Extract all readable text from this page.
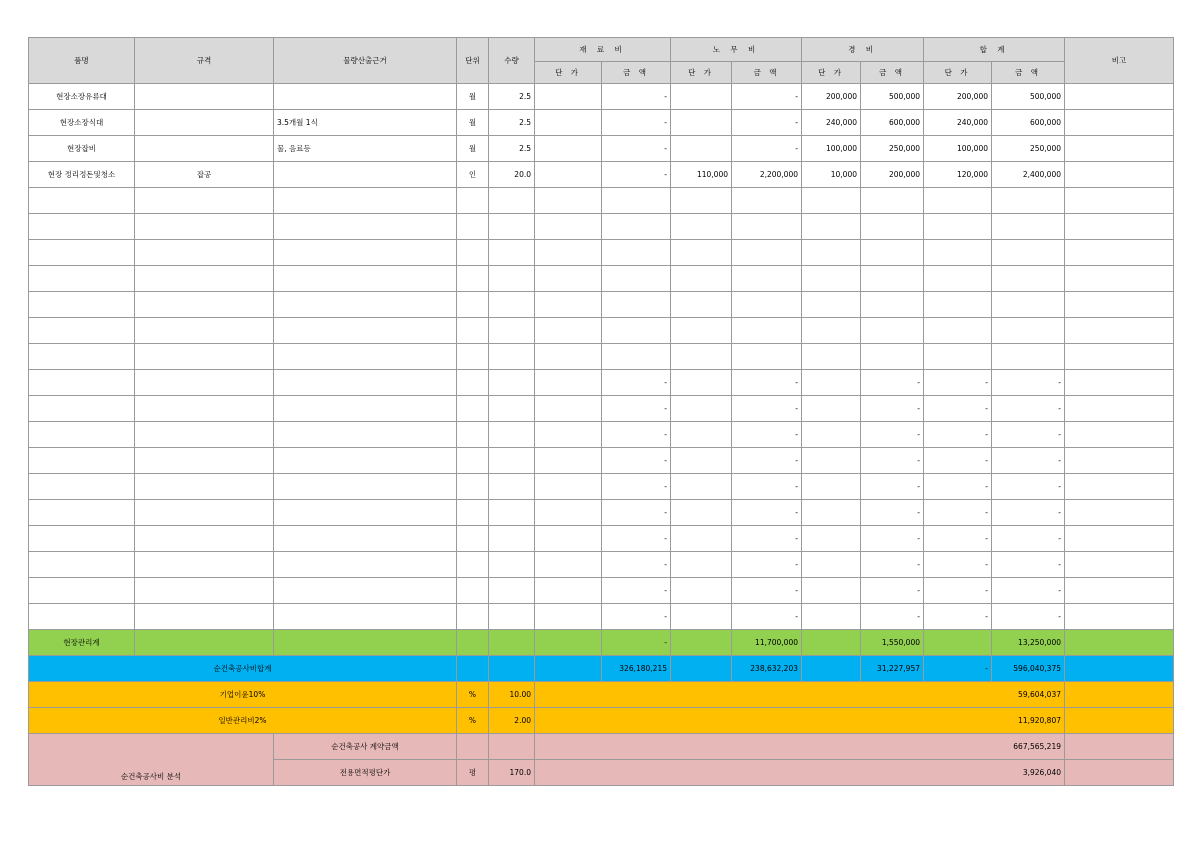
품명	규격	물량산출근거	단위	수량	재 료 비		노 무 비		경 비		합 계		비고
					단 가	금 액	단 가	금 액	단 가	금 액	단 가	금 액	
현장소장유류대			월	2.5		-		-	200,000	500,000	200,000	500,000	
현장소장식대		3.5개월 1식	월	2.5		-		-	240,000	600,000	240,000	600,000	
현장잡비		물, 음료등	월	2.5		-		-	100,000	250,000	100,000	250,000	
현장 정리정돈및청소	잡공		인	20.0		-	110,000	2,200,000	10,000	200,000	120,000	2,400,000	

						-		-		-	-	-	
						-		-		-	-	-	
						-		-		-	-	-	
						-		-		-	-	-	
						-		-		-	-	-	
						-		-		-	-	-	
						-		-		-	-	-	
						-		-		-	-	-	
						-		-		-	-	-	
						-		-		-	-	-	
현장관리계						-		11,700,000		1,550,000		13,250,000	
순건축공사비합계						326,180,215		238,632,203		31,227,957	-	596,040,375	
기업이윤10%			%	10.00	59,604,037								
일반관리비2%			%	2.00	11,920,807								
순건축공사비 분석		순건축공사 계약금액			667,565,219								
		전용면적평단가	평	170.0	3,926,040								
